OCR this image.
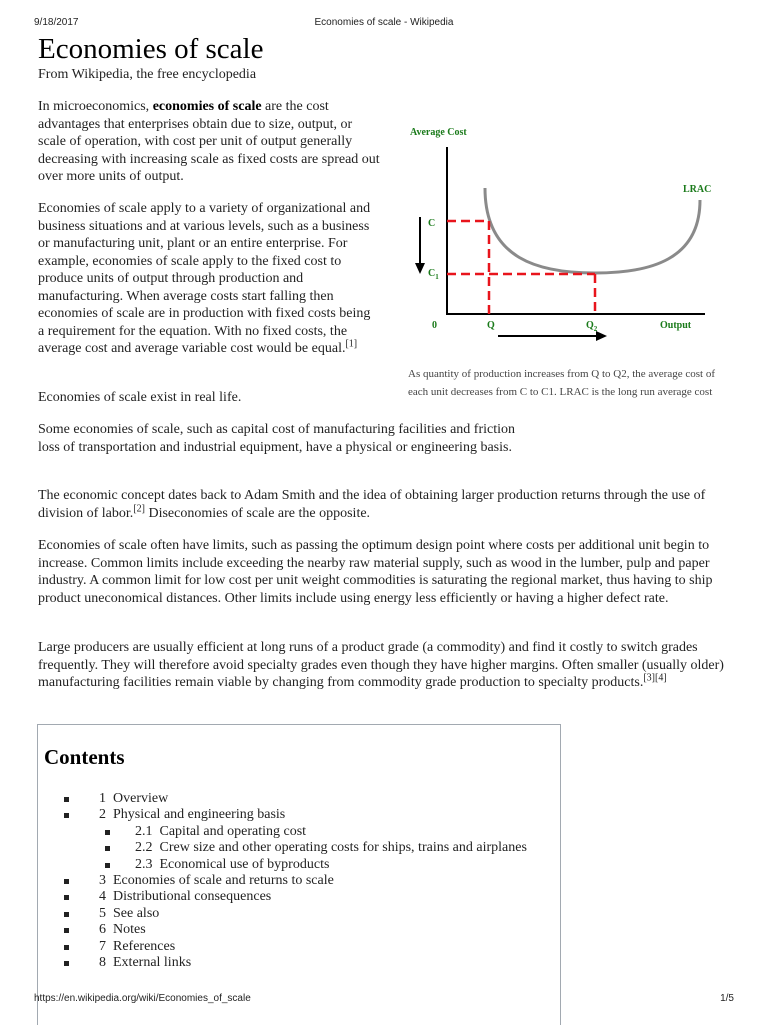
9/18/2017	Economies of scale - Wikipedia
Economies of scale
From Wikipedia, the free encyclopedia

In microeconomics, economies of scale are the cost advantages that enterprises obtain due to size, output, or scale of operation, with cost per unit of output generally decreasing with increasing scale as fixed costs are spread out over more units of output.

Economies of scale apply to a variety of organizational and business situations and at various levels, such as a business or manufacturing unit, plant or an entire enterprise. For example, economies of scale apply to the fixed cost to produce units of output through production and manufacturing. When average costs start falling then economies of scale are in production with fixed costs being a requirement for the equation. With no fixed costs, the average cost and average variable cost would be equal.[1]

Economies of scale exist in real life.

Some economies of scale, such as capital cost of manufacturing facilities and friction loss of transportation and industrial equipment, have a physical or engineering basis.

The economic concept dates back to Adam Smith and the idea of obtaining larger production returns through the use of division of labor.[2] Diseconomies of scale are the opposite.

Economies of scale often have limits, such as passing the optimum design point where costs per additional unit begin to increase. Common limits include exceeding the nearby raw material supply, such as wood in the lumber, pulp and paper industry. A common limit for low cost per unit weight commodities is saturating the regional market, thus having to ship product uneconomical distances. Other limits include using energy less efficiently or having a higher defect rate.

Large producers are usually efficient at long runs of a product grade (a commodity) and find it costly to switch grades frequently. They will therefore avoid specialty grades even though they have higher margins. Often smaller (usually older) manufacturing facilities remain viable by changing from commodity grade production to specialty products.[3][4]

Average Cost
LRAC
C
$C_1$
0	Q	$Q_2$	Output
As quantity of production increases from Q to Q2, the average cost of each unit decreases from C to C1. LRAC is the long run average cost
Contents
1 Overview
2 Physical and engineering basis
2.1 Capital and operating cost
2.2 Crew size and other operating costs for ships, trains and airplanes
2.3 Economical use of byproducts
3 Economies of scale and returns to scale
4 Distributional consequences
5 See also
6 Notes
7 References
8 External links
https://en.wikipedia.org/wiki/Economies_of_scale	1/5
